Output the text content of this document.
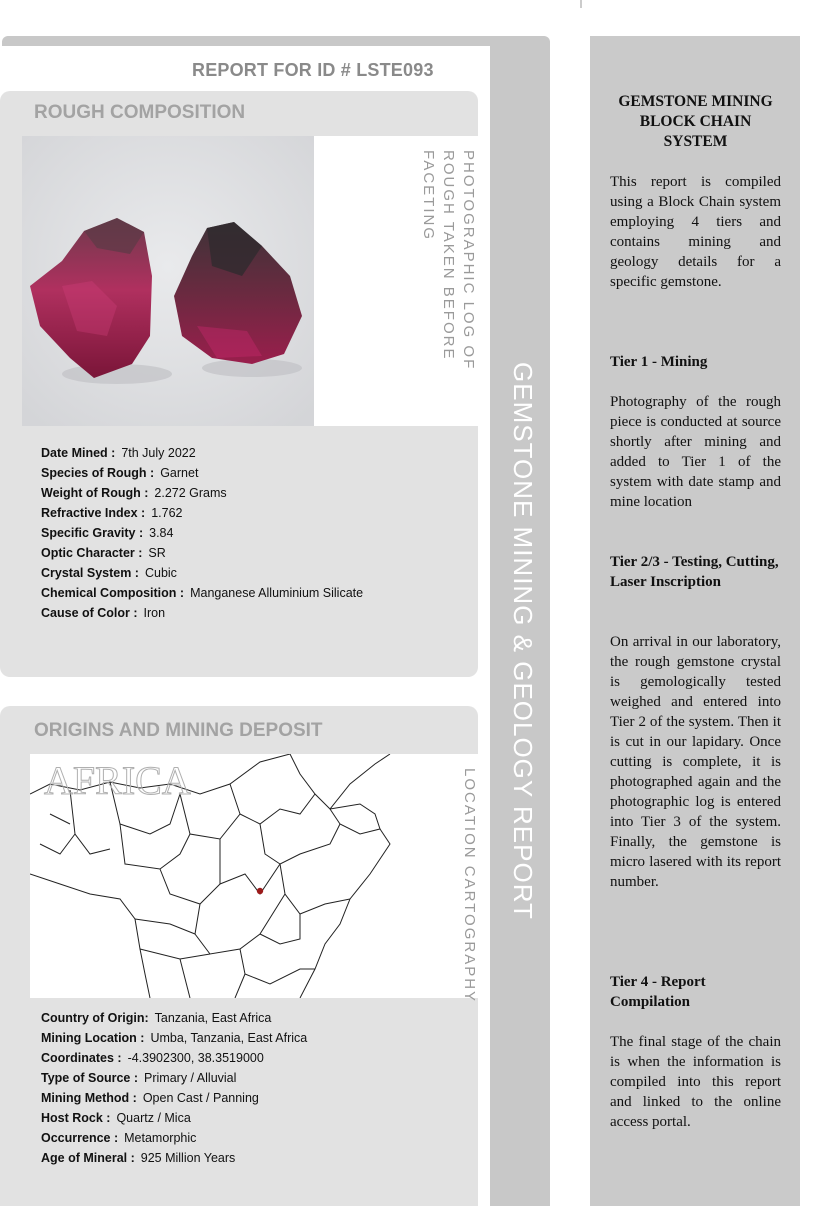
GEMSTONE MINING & GEOLOGY REPORT
REPORT FOR ID # LSTE093
ROUGH COMPOSITION
PHOTOGRAPHIC LOG OF ROUGH TAKEN BEFORE FACETING
Date Mined : 7th July 2022
Species of Rough : Garnet
Weight of Rough : 2.272 Grams
Refractive Index : 1.762
Specific Gravity : 3.84
Optic Character : SR
Crystal System : Cubic
Chemical Composition : Manganese Alluminium Silicate
Cause of Color : Iron
ORIGINS AND MINING DEPOSIT
AFRICA	LOCATION CARTOGRAPHY
Country of Origin: Tanzania, East Africa
Mining Location : Umba, Tanzania, East Africa
Coordinates : -4.3902300, 38.3519000
Type of Source : Primary / Alluvial
Mining Method : Open Cast / Panning
Host Rock : Quartz / Mica
Occurrence : Metamorphic
Age of Mineral : 925 Million Years
GEMSTONE MINING BLOCK CHAIN SYSTEM
This report is compiled using a Block Chain system employing 4 tiers and contains mining and geology details for a specific gemstone.
Tier 1 - Mining
Photography of the rough piece is conducted at source shortly after mining and added to Tier 1 of the system with date stamp and mine location
Tier 2/3 - Testing, Cutting, Laser Inscription
On arrival in our laboratory, the rough gemstone crystal is gemologically tested weighed and entered into Tier 2 of the system. Then it is cut in our lapidary. Once cutting is complete, it is photographed again and the photographic log is entered into Tier 3 of the system. Finally, the gemstone is micro lasered with its report number.
Tier 4 - Report Compilation
The final stage of the chain is when the information is compiled into this report and linked to the online access portal.
